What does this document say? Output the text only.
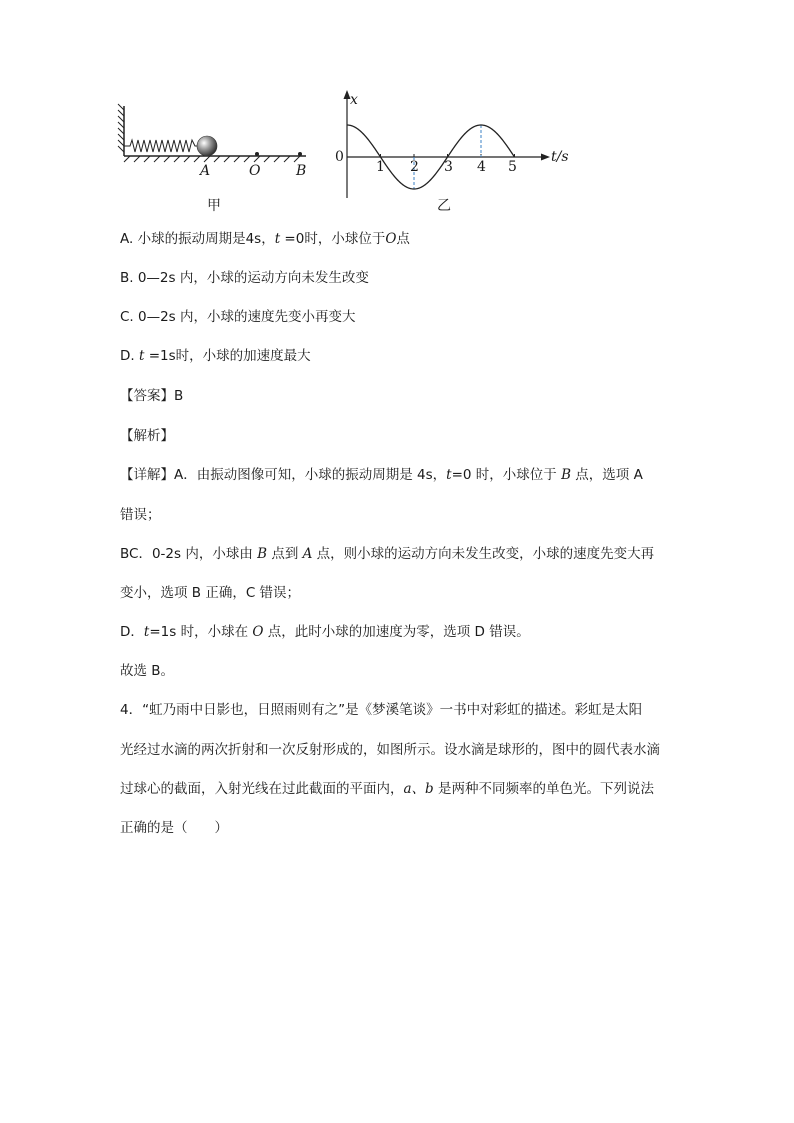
A	O	B
甲
x
0
1 2 3 4 5
t/s
乙
A. 小球的振动周期是4s，t =0时，小球位于O点
B. 0—2s 内，小球的运动方向未发生改变
C. 0—2s 内，小球的速度先变小再变大
D. t =1s时，小球的加速度最大
【答案】B
【解析】
【详解】A．由振动图像可知，小球的振动周期是 4s，t=0 时，小球位于 B 点，选项 A
错误；
BC．0-2s 内，小球由 B 点到 A 点，则小球的运动方向未发生改变，小球的速度先变大再
变小，选项 B 正确，C 错误；
D．t=1s 时，小球在 O 点，此时小球的加速度为零，选项 D 错误。
故选 B。
4．“虹乃雨中日影也，日照雨则有之”是《梦溪笔谈》一书中对彩虹的描述。彩虹是太阳
光经过水滴的两次折射和一次反射形成的，如图所示。设水滴是球形的，图中的圆代表水滴
过球心的截面，入射光线在过此截面的平面内，a、b 是两种不同频率的单色光。下列说法
正确的是（　　）
